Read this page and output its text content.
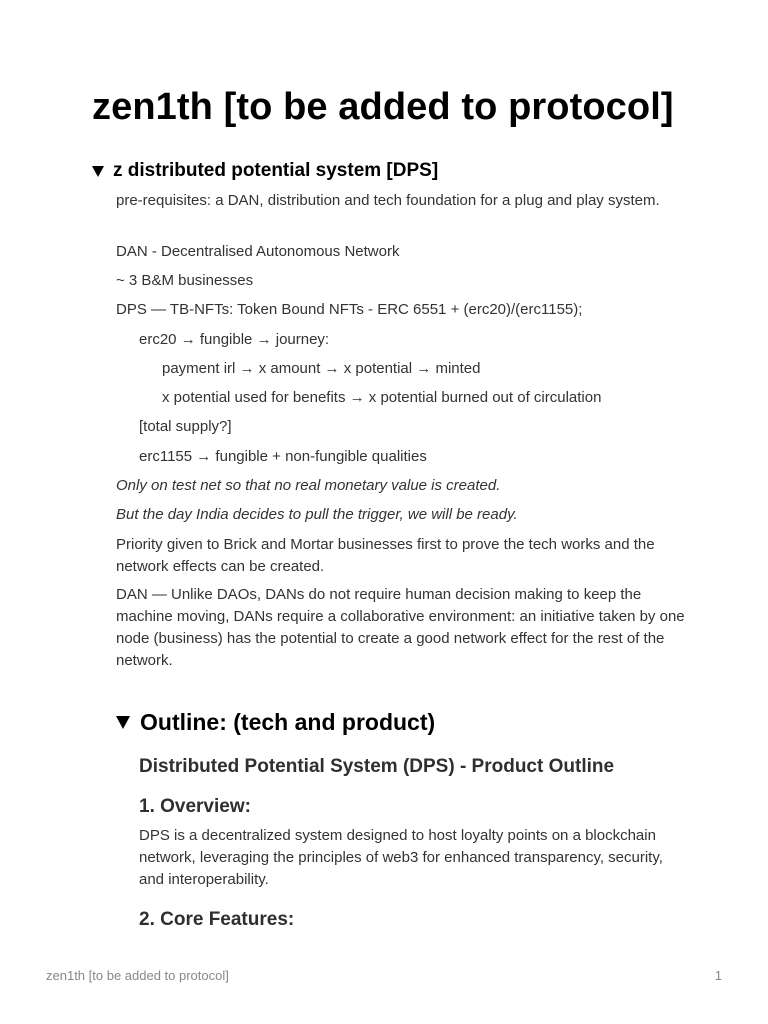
zen1th [to be added to protocol]
z distributed potential system [DPS]

pre-requisites: a DAN, distribution and tech foundation for a plug and play system.

DAN - Decentralised Autonomous Network

~ 3 B&M businesses

DPS — TB-NFTs: Token Bound NFTs - ERC 6551 + (erc20)/(erc1155);

erc20 → fungible → journey:

payment irl → x amount → x potential → minted

x potential used for benefits → x potential burned out of circulation

[total supply?]

erc1155 → fungible + non-fungible qualities

Only on test net so that no real monetary value is created.

But the day India decides to pull the trigger, we will be ready.

Priority given to Brick and Mortar businesses first to prove the tech works and the network effects can be created.

DAN — Unlike DAOs, DANs do not require human decision making to keep the machine moving, DANs require a collaborative environment: an initiative taken by one node (business) has the potential to create a good network effect for the rest of the network.

Outline: (tech and product)
Distributed Potential System (DPS) - Product Outline
1. Overview:

DPS is a decentralized system designed to host loyalty points on a blockchain network, leveraging the principles of web3 for enhanced transparency, security, and interoperability.

2. Core Features:
zen1th [to be added to protocol]	1
